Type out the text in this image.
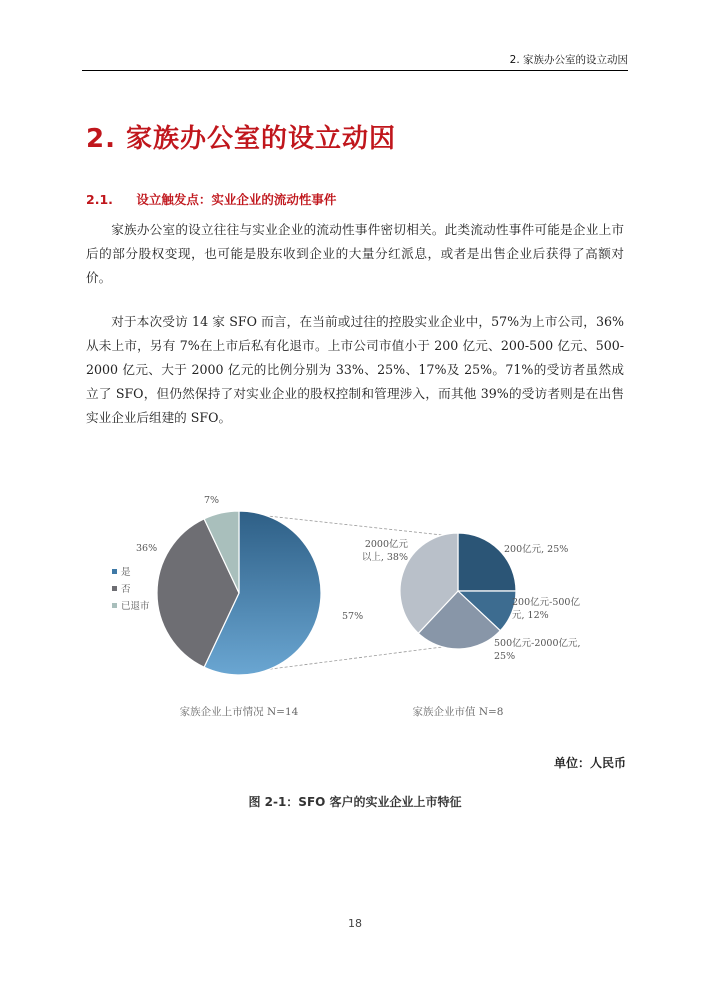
2. 家族办公室的设立动因
2. 家族办公室的设立动因
2.1. 设立触发点：实业企业的流动性事件
家族办公室的设立往往与实业企业的流动性事件密切相关。此类流动性事件可能是企业上市后的部分股权变现，也可能是股东收到企业的大量分红派息，或者是出售企业后获得了高额对价。
对于本次受访 14 家 SFO 而言，在当前或过往的控股实业企业中，57%为上市公司，36%从未上市，另有 7%在上市后私有化退市。上市公司市值小于 200 亿元、200-500 亿元、500-2000 亿元、大于 2000 亿元的比例分别为 33%、25%、17%及 25%。71%的受访者虽然成立了 SFO，但仍然保持了对实业企业的股权控制和管理涉入，而其他 39%的受访者则是在出售实业企业后组建的 SFO。
57%
36%
7%
家族企业上市情况 N=14
是
否
已退市
200亿元, 25%
200亿元-500亿
元, 12%
500亿元-2000亿元,
25%
2000亿元
以上, 38%
家族企业市值 N=8
单位：人民币
图 2-1：SFO 客户的实业企业上市特征
18
